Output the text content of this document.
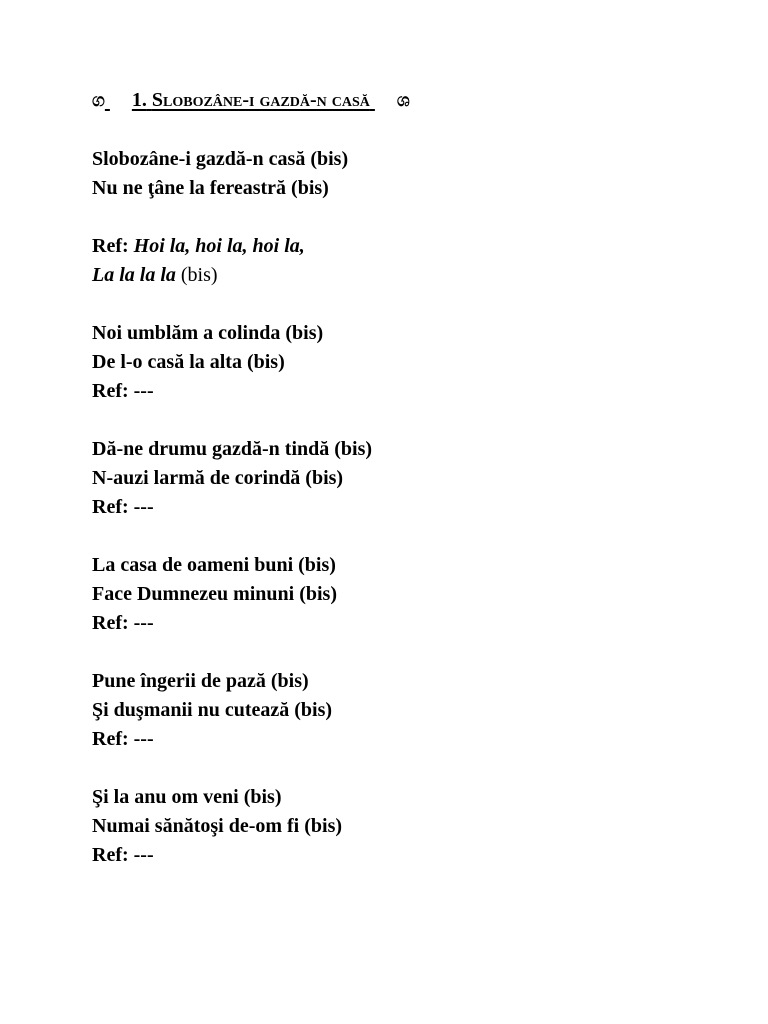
ග 1. Slobozâne-i gazdă-n casă ශ
Slobozâne-i gazdă-n casă (bis)
Nu ne ţâne la fereastră (bis)
Ref: Hoi la, hoi la, hoi la,
La la la la (bis)
Noi umblăm a colinda (bis)
De l-o casă la alta (bis)
Ref: ---
Dă-ne drumu gazdă-n tindă (bis)
N-auzi larmă de corindă (bis)
Ref: ---
La casa de oameni buni (bis)
Face Dumnezeu minuni (bis)
Ref: ---
Pune îngerii de pază (bis)
Şi duşmanii nu cutează (bis)
Ref: ---
Şi la anu om veni (bis)
Numai sănătoşi de-om fi (bis)
Ref: ---
